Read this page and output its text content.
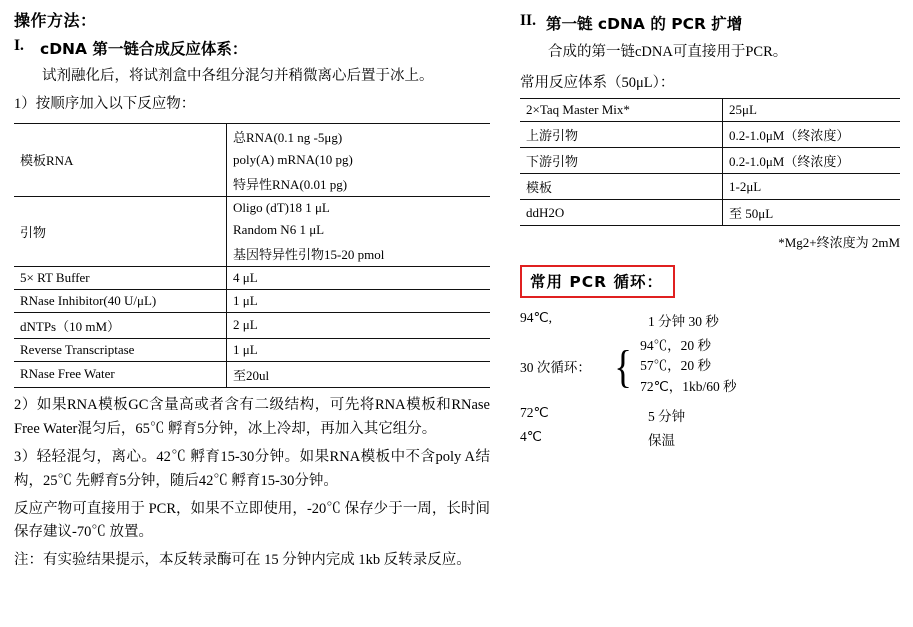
操作方法：
I.	cDNA 第一链合成反应体系：
试剂融化后，将试剂盒中各组分混匀并稍微离心后置于冰上。
1）按顺序加入以下反应物：
模板RNA	总RNA(0.1 ng -5μg)
	poly(A) mRNA(10 pg)
	特异性RNA(0.01 pg)
引物	Oligo (dT)18 1 μL
	Random N6 1 μL
	基因特异性引物15-20 pmol
5× RT Buffer	4 μL
RNase Inhibitor(40 U/μL)	1 μL
dNTPs（10 mM）	2 μL
Reverse Transcriptase	1 μL
RNase Free Water	至20ul
2）如果RNA模板GC含量高或者含有二级结构，可先将RNA模板和RNase Free Water混匀后，65℃ 孵育5分钟，冰上冷却，再加入其它组分。
3）轻轻混匀，离心。42℃ 孵育15-30分钟。如果RNA模板中不含poly A结构，25℃ 先孵育5分钟，随后42℃ 孵育15-30分钟。
反应产物可直接用于 PCR，如果不立即使用，-20℃ 保存少于一周，长时间保存建议-70℃ 放置。
注：有实验结果提示，本反转录酶可在 15 分钟内完成 1kb 反转录反应。
II. 第一链 cDNA 的 PCR 扩增
合成的第一链cDNA可直接用于PCR。
常用反应体系（50μL）：
2×Taq Master Mix*	25μL
上游引物	0.2-1.0μM（终浓度）
下游引物	0.2-1.0μM（终浓度）
模板	1-2μL
ddH2O	至 50μL
*Mg2+终浓度为 2mM
常用 PCR 循环：
94℃,	1 分钟 30 秒
30 次循环： { 94℃，20 秒
57℃，20 秒
72℃，1kb/60 秒
72℃	5 分钟
4℃	保温
